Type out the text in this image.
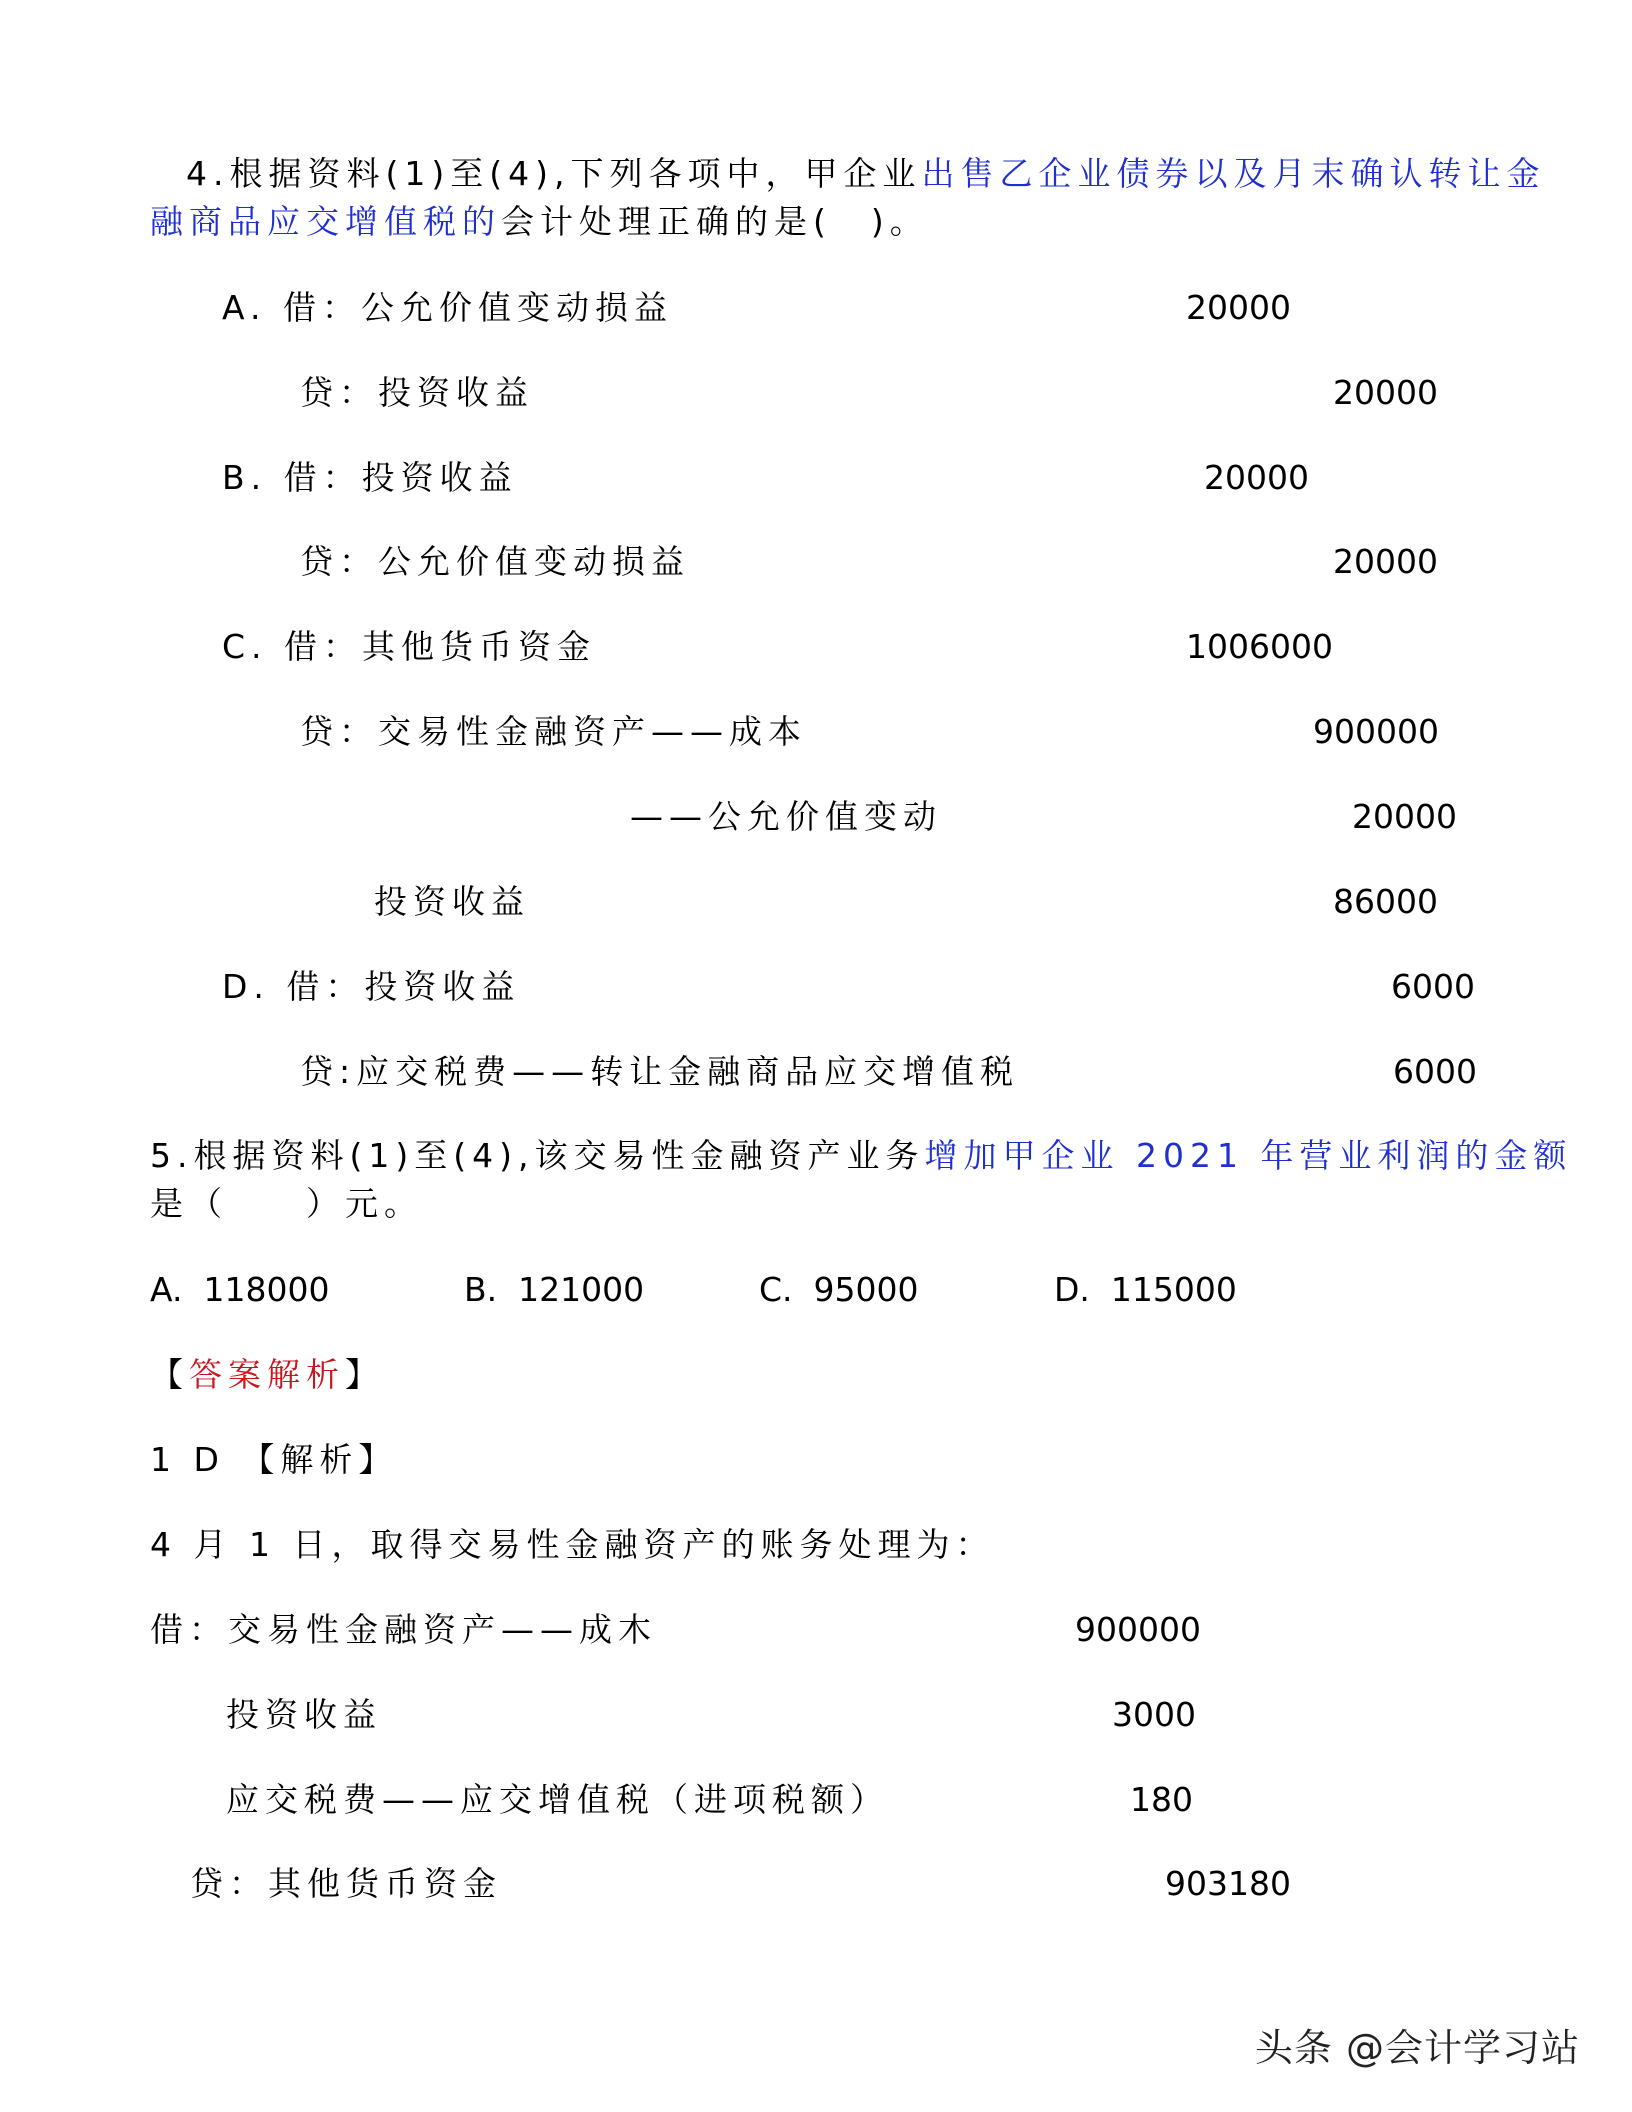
4.根据资料(1)至(4),下列各项中，甲企业出售乙企业债券以及月末确认转让金
融商品应交增值税的会计处理正确的是(　)。
A. 借：公允价值变动损益	20000
贷：投资收益	20000
B. 借：投资收益	20000
贷：公允价值变动损益	20000
C. 借：其他货币资金	1006000
贷：交易性金融资产——成本	900000
——公允价值变动	20000
投资收益	86000
D. 借：投资收益	6000
贷:应交税费——转让金融商品应交增值税	6000
5.根据资料(1)至(4),该交易性金融资产业务增加甲企业 2021 年营业利润的金额
是（　　）元。
A. 118000	B. 121000	C. 95000	D. 115000
【答案解析】
1 D 【解析】
4 月 1 日，取得交易性金融资产的账务处理为：
借：交易性金融资产——成木	900000
投资收益	3000
应交税费——应交增值税（进项税额）	180
贷：其他货币资金	903180
头条 @会计学习站
